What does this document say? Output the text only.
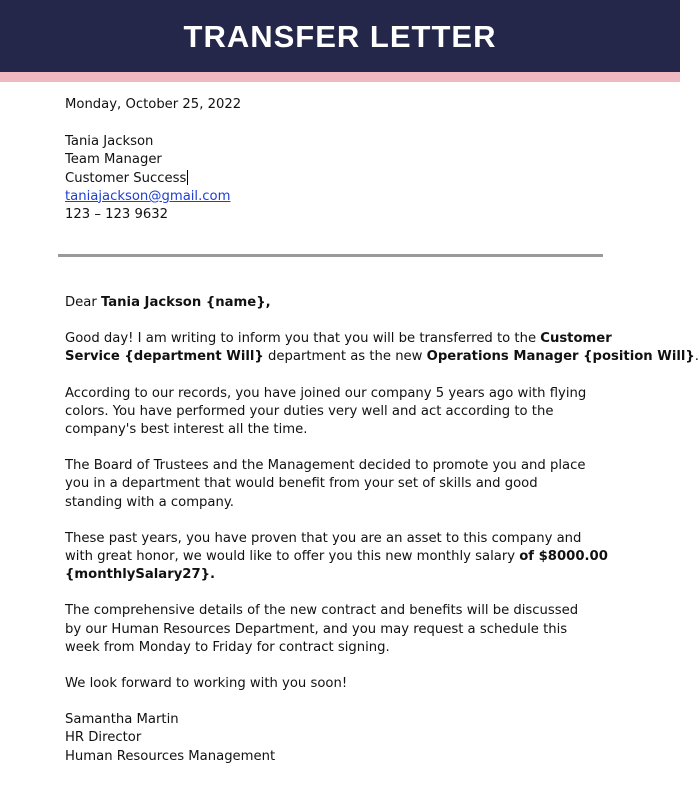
TRANSFER LETTER
Monday, October 25, 2022
Tania Jackson
Team Manager
Customer Success
taniajackson@gmail.com
123 – 123 9632
Dear Tania Jackson {name},
Good day! I am writing to inform you that you will be transferred to the Customer
Service {department Will} department as the new Operations Manager {position Will}.
According to our records, you have joined our company 5 years ago with flying
colors. You have performed your duties very well and act according to the
company's best interest all the time.
The Board of Trustees and the Management decided to promote you and place
you in a department that would benefit from your set of skills and good
standing with a company.
These past years, you have proven that you are an asset to this company and
with great honor, we would like to offer you this new monthly salary of $8000.00
{monthlySalary27}.
The comprehensive details of the new contract and benefits will be discussed
by our Human Resources Department, and you may request a schedule this
week from Monday to Friday for contract signing.
We look forward to working with you soon!
Samantha Martin
HR Director
Human Resources Management
